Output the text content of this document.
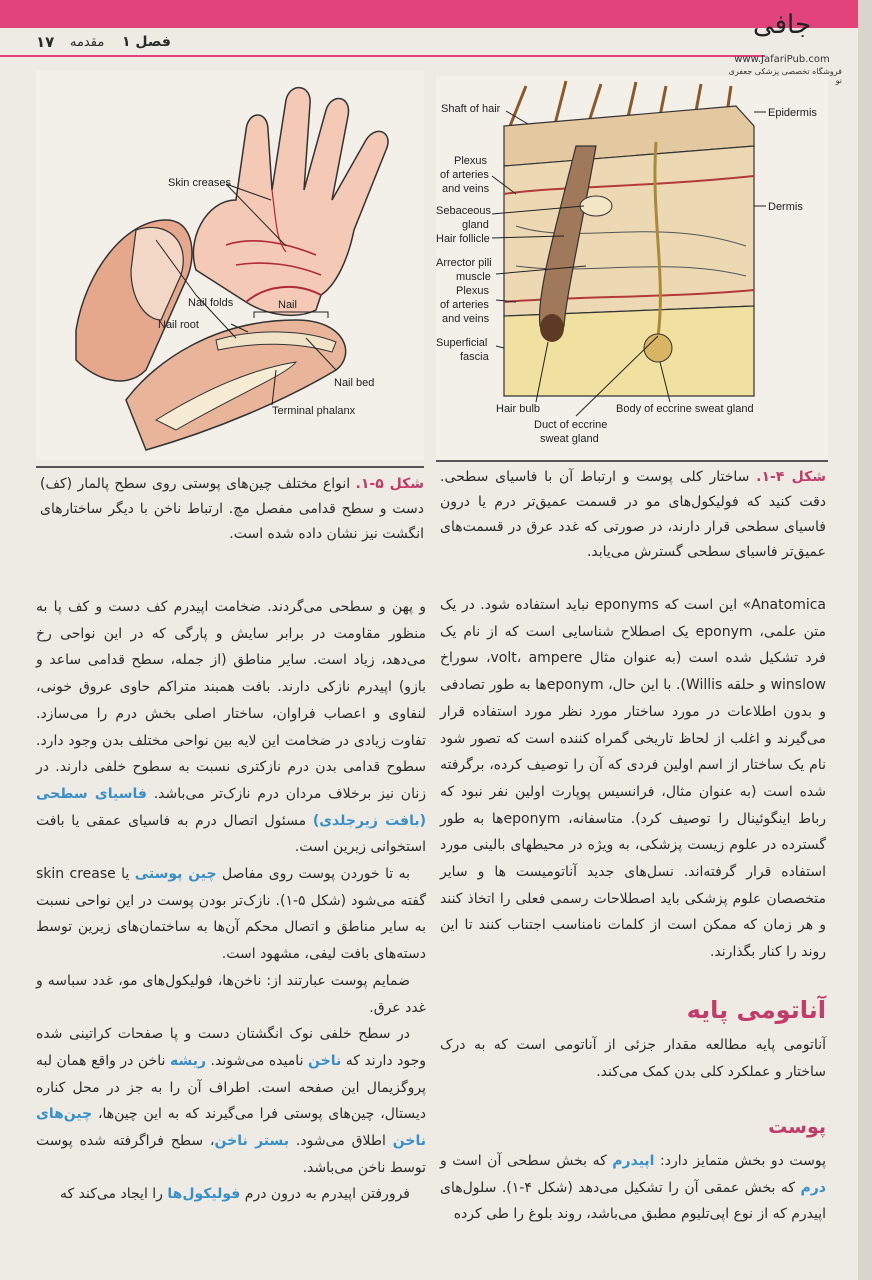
۱۷ مقدمه فصل ۱
جافی
www.JafariPub.com
فروشگاه تخصصی پزشکی جعفری نو
Skin creases
Nail
Nail folds
Nail root
Nail bed
Terminal phalanx
Shaft of hair
Plexus
of arteries
and veins
Sebaceous
gland
Hair follicle
Arrector pili
muscle
Plexus
of arteries
and veins
Superficial
fascia
Hair bulb
Duct of eccrine
sweat gland
Body of eccrine sweat gland
Epidermis
Dermis
شکل ۵-۱. انواع مختلف چین‌های پوستی روی سطح پالمار (کف) دست و سطح قدامی مفصل مچ. ارتباط ناخن با دیگر ساختارهای انگشت نیز نشان داده شده است.
شکل ۴-۱. ساختار کلی پوست و ارتباط آن با فاسیای سطحی. دقت کنید که فولیکول‌های مو در قسمت عمیق‌تر درم یا درون فاسیای سطحی قرار دارند، در صورتی که غدد عرق در قسمت‌های عمیق‌تر فاسیای سطحی گسترش می‌یابد.

Anatomica» این است که eponyms نباید استفاده شود. در یک متن علمی، eponym یک اصطلاح شناسایی است که از نام یک فرد تشکیل شده است (به عنوان مثال volt، ampere، سوراخ winslow و حلقه Willis). با این حال، eponymها به طور تصادفی و بدون اطلاعات در مورد ساختار مورد نظر مورد استفاده قرار می‌گیرند و اغلب از لحاظ تاریخی گمراه کننده است که تصور شود نام یک ساختار از اسم اولین فردی که آن را توصیف کرده، برگرفته شده است (به عنوان مثال، فرانسیس پوپارت اولین نفر نبود که رباط اینگوئینال را توصیف کرد). متاسفانه، eponymها به طور گسترده در علوم زیست پزشکی، به ویژه در محیطهای بالینی مورد استفاده قرار گرفته‌اند. نسل‌های جدید آناتومیست ها و سایر متخصصان علوم پزشکی باید اصطلاحات رسمی فعلی را اتخاذ کنند و هر زمان که ممکن است از کلمات نامناسب اجتناب کنند تا این روند را کنار بگذارند.

آناتومی پایه

آناتومی پایه مطالعه مقدار جزئی از آناتومی است که به درک ساختار و عملکرد کلی بدن کمک می‌کند.

پوست

پوست دو بخش متمایز دارد: اپیدرم که بخش سطحی آن است و درم که بخش عمقی آن را تشکیل می‌دهد (شکل ۴-۱). سلول‌های اپیدرم که از نوع اپی‌تلیوم مطبق می‌باشد، روند بلوغ را طی کرده

و پهن و سطحی می‌گردند. ضخامت اپیدرم کف دست و کف پا به منظور مقاومت در برابر سایش و پارگی که در این نواحی رخ می‌دهد، زیاد است. سایر مناطق (از جمله، سطح قدامی ساعد و بازو) اپیدرم نازکی دارند. بافت همبند متراکم حاوی عروق خونی، لنفاوی و اعصاب فراوان، ساختار اصلی بخش درم را می‌سازد. تفاوت زیادی در ضخامت این لایه بین نواحی مختلف بدن وجود دارد. سطوح قدامی بدن درم نازکتری نسبت به سطوح خلفی دارند. در زنان نیز برخلاف مردان درم نازک‌تر می‌باشد. فاسیای سطحی (بافت زیرجلدی) مسئول اتصال درم به فاسیای عمقی یا بافت استخوانی زیرین است.

به تا خوردن پوست روی مفاصل چین پوستی یا skin crease گفته می‌شود (شکل ۵-۱). نازک‌تر بودن پوست در این نواحی نسبت به سایر مناطق و اتصال محکم آن‌ها به ساختمان‌های زیرین توسط دسته‌های بافت لیفی، مشهود است.

ضمایم پوست عبارتند از: ناخن‌ها، فولیکول‌های مو، غدد سباسه و غدد عرق.

در سطح خلفی نوک انگشتان دست و پا صفحات کراتینی شده وجود دارند که ناخن نامیده می‌شوند. ریشه ناخن در واقع همان لبه پروگزیمال این صفحه است. اطراف آن را به جز در محل کناره دیستال، چین‌های پوستی فرا می‌گیرند که به این چین‌ها، چین‌های ناخن اطلاق می‌شود. بستر ناخن، سطح فراگرفته شده پوست توسط ناخن می‌باشد.

فرورفتن اپیدرم به درون درم فولیکول‌ها را ایجاد می‌کند که
